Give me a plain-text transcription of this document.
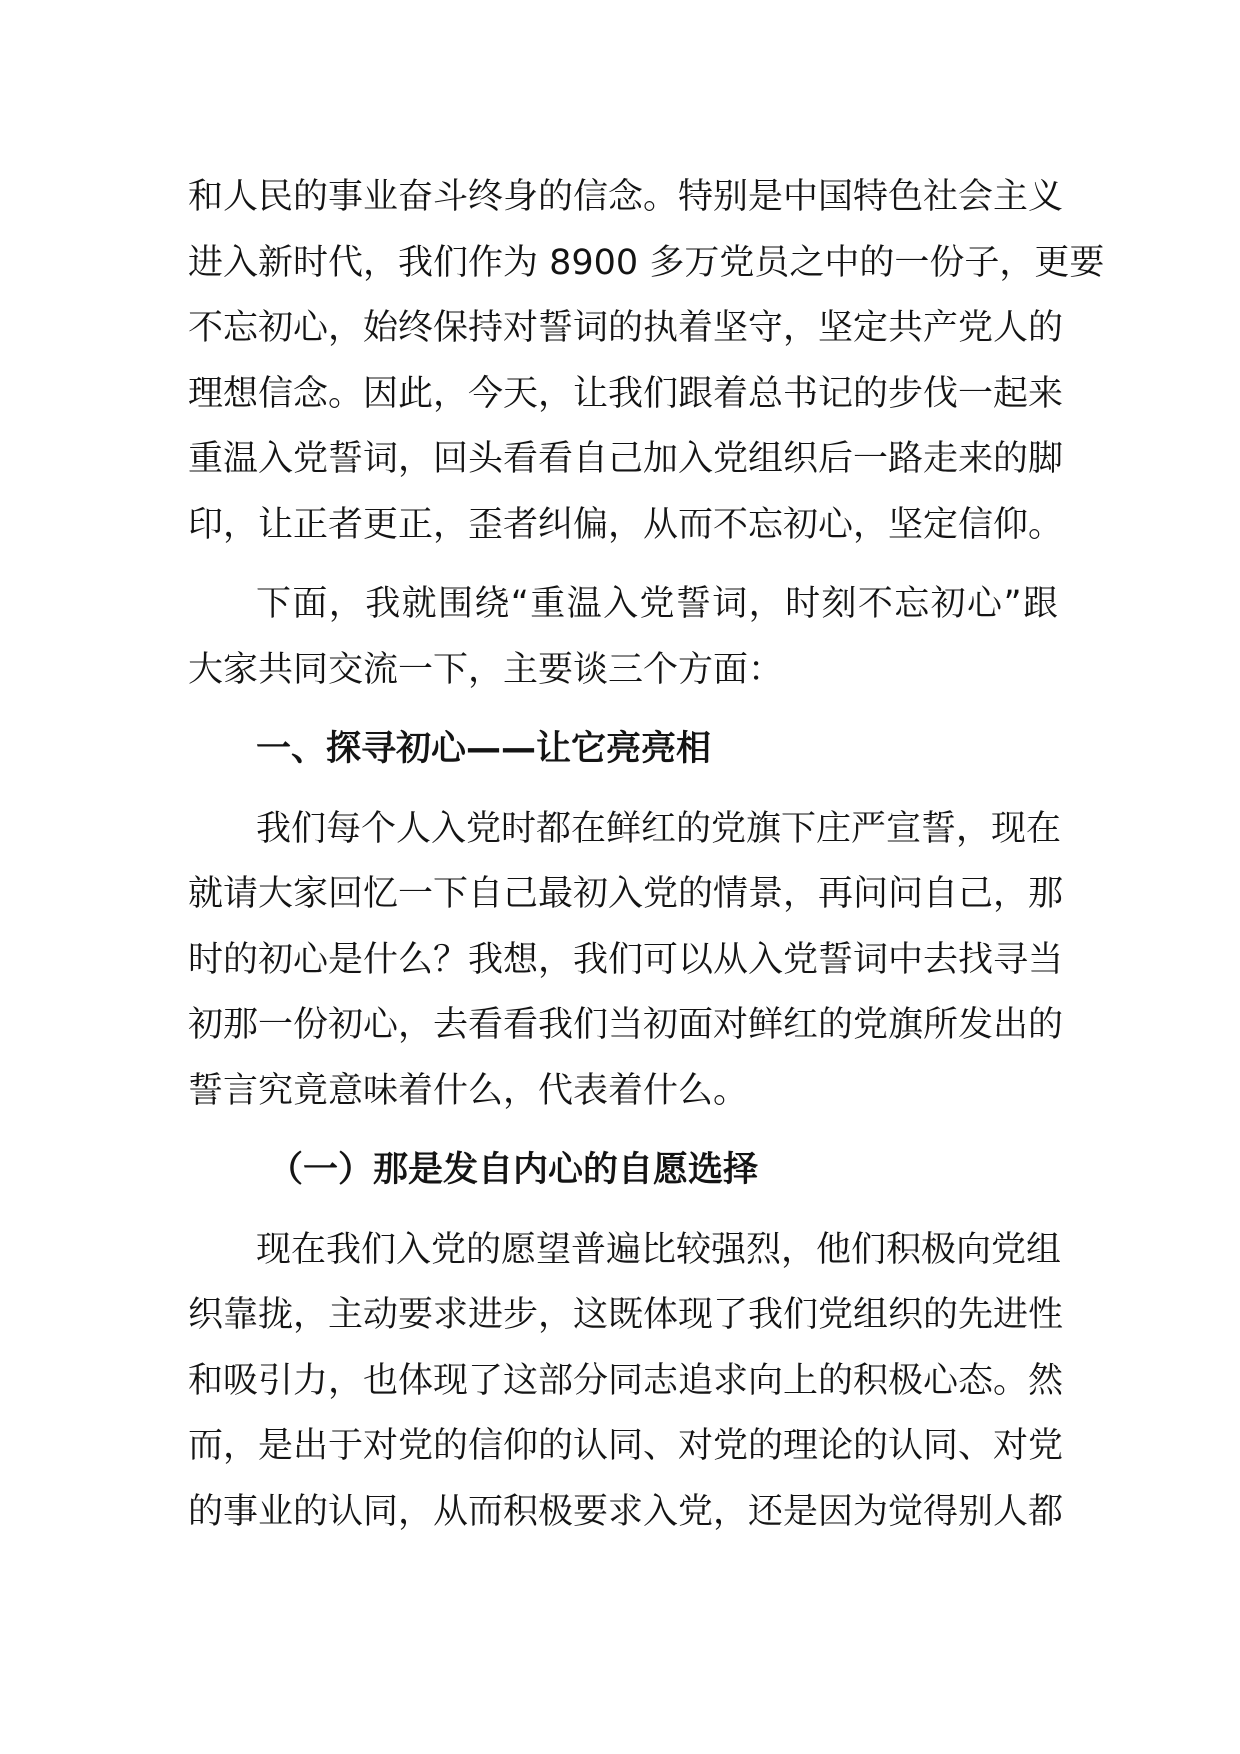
和人民的事业奋斗终身的信念。特别是中国特色社会主义
进入新时代，我们作为 8900 多万党员之中的一份子，更要
不忘初心，始终保持对誓词的执着坚守，坚定共产党人的
理想信念。因此，今天，让我们跟着总书记的步伐一起来
重温入党誓词，回头看看自己加入党组织后一路走来的脚
印，让正者更正，歪者纠偏，从而不忘初心，坚定信仰。
下面，我就围绕“重温入党誓词，时刻不忘初心”跟
大家共同交流一下，主要谈三个方面：
一、探寻初心——让它亮亮相
我们每个人入党时都在鲜红的党旗下庄严宣誓，现在
就请大家回忆一下自己最初入党的情景，再问问自己，那
时的初心是什么？我想，我们可以从入党誓词中去找寻当
初那一份初心，去看看我们当初面对鲜红的党旗所发出的
誓言究竟意味着什么，代表着什么。
（一）那是发自内心的自愿选择
现在我们入党的愿望普遍比较强烈，他们积极向党组
织靠拢，主动要求进步，这既体现了我们党组织的先进性
和吸引力，也体现了这部分同志追求向上的积极心态。然
而，是出于对党的信仰的认同、对党的理论的认同、对党
的事业的认同，从而积极要求入党，还是因为觉得别人都
